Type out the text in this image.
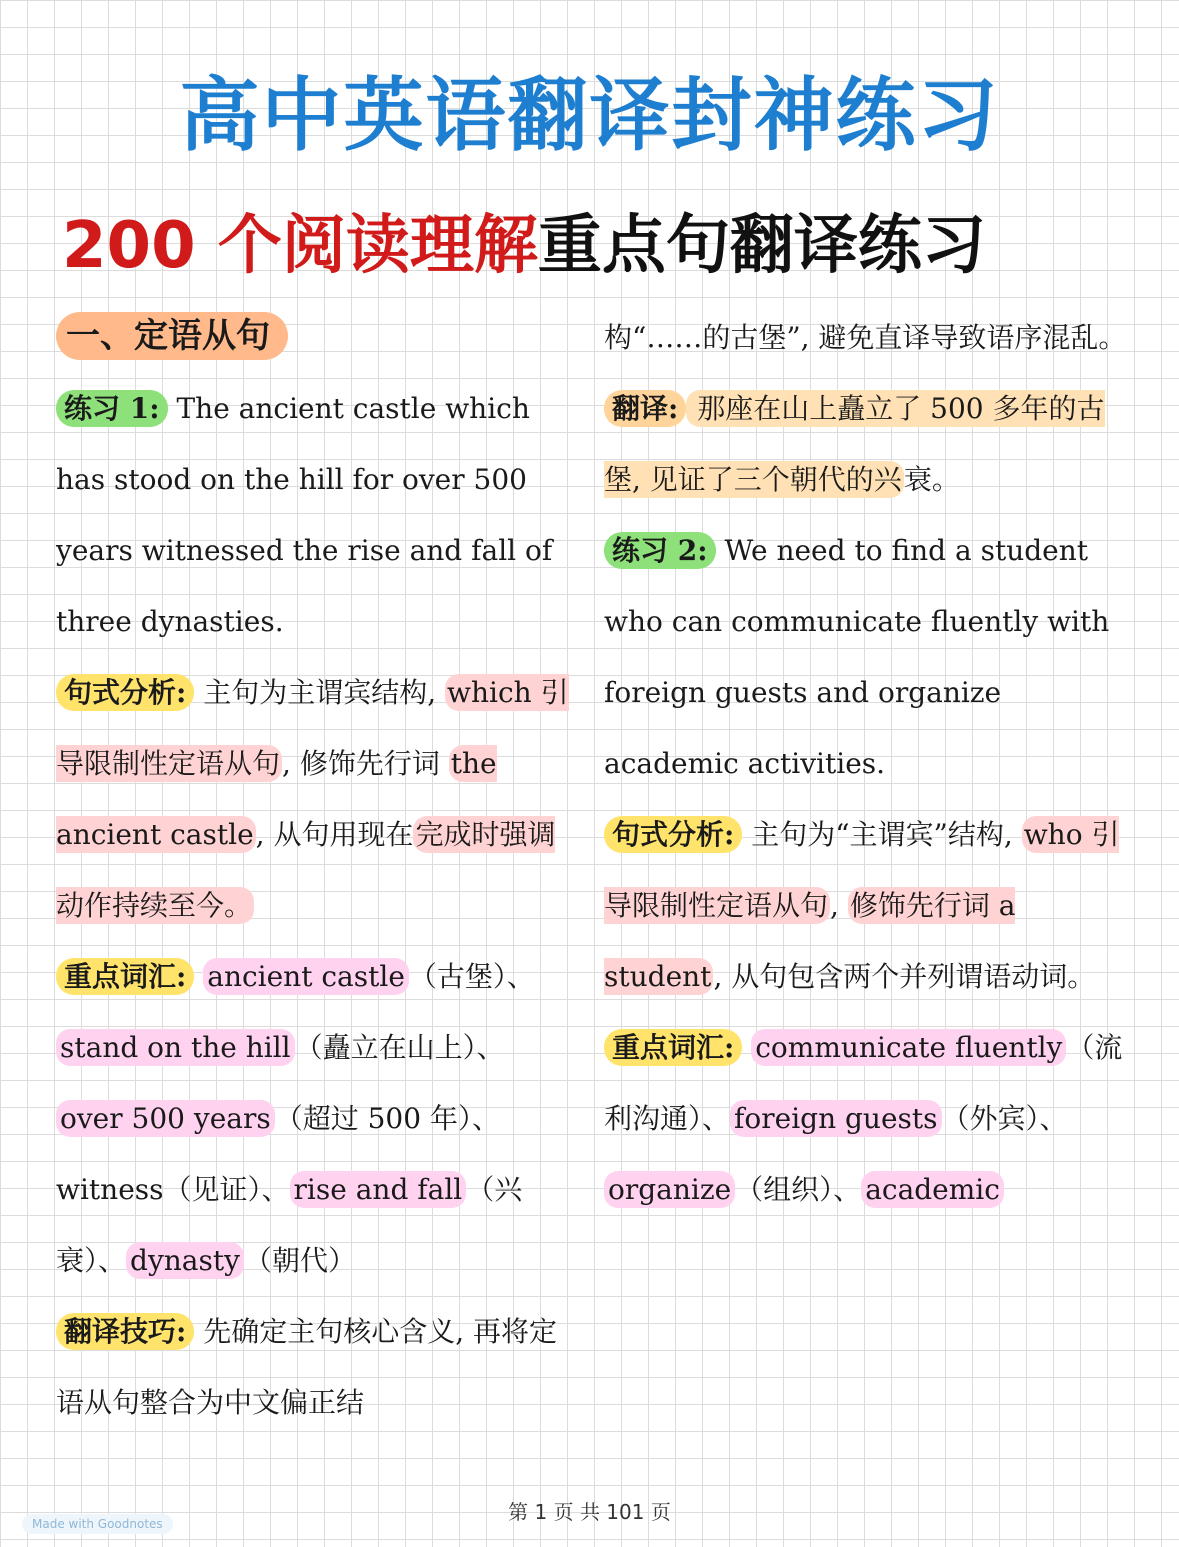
高中英语翻译封神练习
200 个阅读理解重点句翻译练习

一、定语从句

练习 1: The ancient castle which has stood on the hill for over 500 years witnessed the rise and fall of three dynasties.

句式分析: 主句为主谓宾结构, which 引导限制性定语从句, 修饰先行词 the ancient castle, 从句用现在完成时强调动作持续至今。

重点词汇: ancient castle （古堡）、 stand on the hill （矗立在山上）、 over 500 years （超过 500 年）、 witness（见证）、 rise and fall （兴衰）、 dynasty （朝代）

翻译技巧: 先确定主句核心含义, 再将定语从句整合为中文偏正结

构“……的古堡”, 避免直译导致语序混乱。

翻译: 那座在山上矗立了 500 多年的古堡, 见证了三个朝代的兴衰。

练习 2: We need to find a student who can communicate fluently with foreign guests and organize academic activities.

句式分析: 主句为“主谓宾”结构, who 引导限制性定语从句, 修饰先行词 a student, 从句包含两个并列谓语动词。

重点词汇: communicate fluently （流利沟通）、 foreign guests （外宾）、organize （组织）、 academic

第 1 页 共 101 页
Made with Goodnotes
